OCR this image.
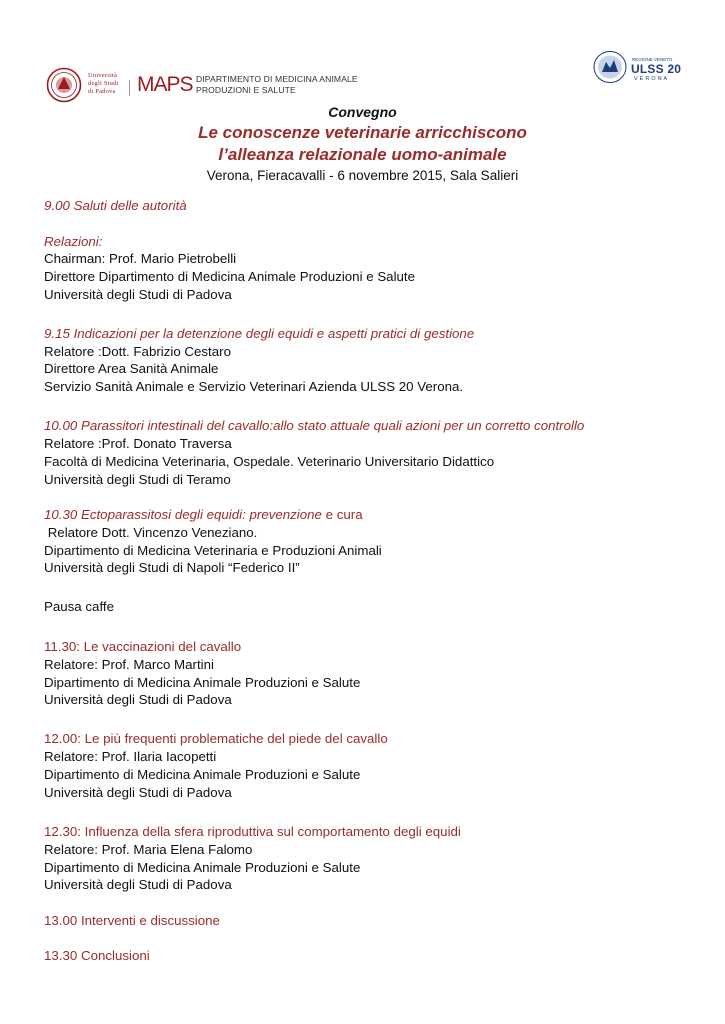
Università
degli Studi
di Padova MAPS DIPARTIMENTO DI MEDICINA ANIMALE
PRODUZIONI E SALUTE
REGIONE VENETO
ULSS 20
VERONA
Convegno
Le conoscenze veterinarie arricchiscono
l’alleanza relazionale uomo-animale
Verona, Fieracavalli - 6 novembre 2015, Sala Salieri
9.00 Saluti delle autorità
Relazioni:
Chairman: Prof. Mario Pietrobelli
Direttore Dipartimento di Medicina Animale Produzioni e Salute
Università degli Studi di Padova
9.15 Indicazioni per la detenzione degli equidi e aspetti pratici di gestione
Relatore :Dott. Fabrizio Cestaro
Direttore Area Sanità Animale
Servizio Sanità Animale e Servizio Veterinari Azienda ULSS 20 Verona.
10.00 Parassitori intestinali del cavallo:allo stato attuale quali azioni per un corretto controllo
Relatore :Prof. Donato Traversa
Facoltà di Medicina Veterinaria, Ospedale. Veterinario Universitario Didattico
Università degli Studi di Teramo
10.30 Ectoparassitosi degli equidi: prevenzione e cura
Relatore Dott. Vincenzo Veneziano.
Dipartimento di Medicina Veterinaria e Produzioni Animali
Università degli Studi di Napoli “Federico II”
Pausa caffe
11.30: Le vaccinazioni del cavallo
Relatore: Prof. Marco Martini
Dipartimento di Medicina Animale Produzioni e Salute
Università degli Studi di Padova
12.00: Le più frequenti problematiche del piede del cavallo
Relatore: Prof. Ilaria Iacopetti
Dipartimento di Medicina Animale Produzioni e Salute
Università degli Studi di Padova
12.30: Influenza della sfera riproduttiva sul comportamento degli equidi
Relatore: Prof. Maria Elena Falomo
Dipartimento di Medicina Animale Produzioni e Salute
Università degli Studi di Padova
13.00 Interventi e discussione
13.30 Conclusioni
